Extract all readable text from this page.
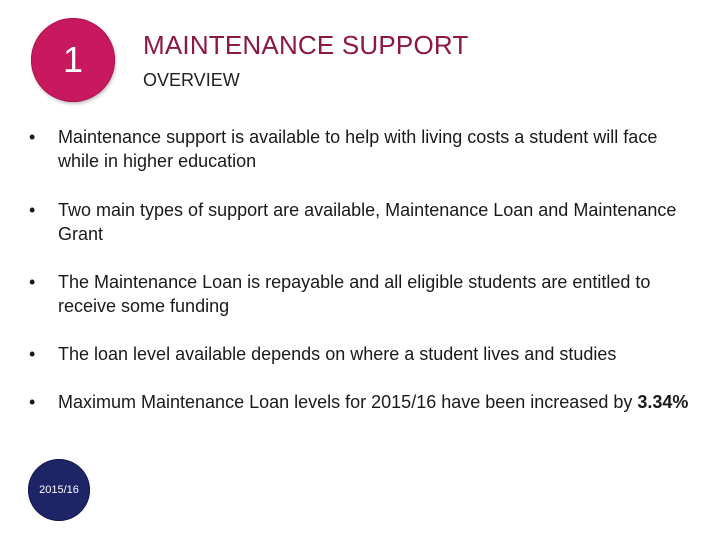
1 MAINTENANCE SUPPORT
OVERVIEW
•	Maintenance support is available to help with living costs a student will face while in higher education
•	Two main types of support are available, Maintenance Loan and Maintenance Grant
•	The Maintenance Loan is repayable and all eligible students are entitled to receive some funding
•	The loan level available depends on where a student lives and studies
•	Maximum Maintenance Loan levels for 2015/16 have been increased by 3.34%
2015/16
